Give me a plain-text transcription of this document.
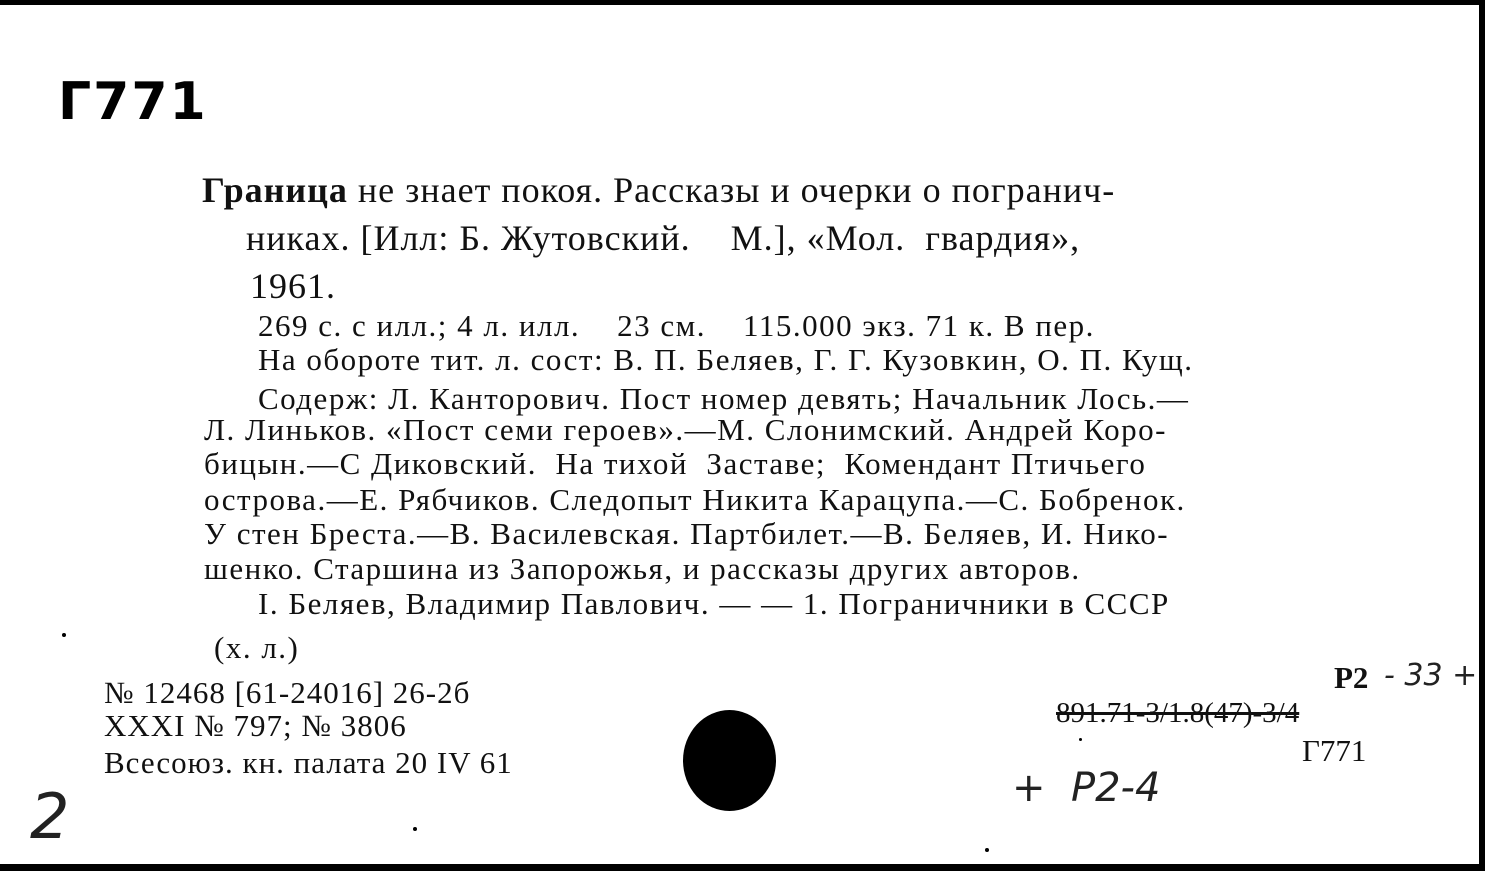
Г771
Граница не знает покоя. Рассказы и очерки о погранич-
никах. [Илл: Б. Жутовский.    М.], «Мол.  гвардия»,
1961.
269 с. с илл.; 4 л. илл.    23 см.    115.000 экз. 71 к. В пер.
На обороте тит. л. сост: В. П. Беляев, Г. Г. Кузовкин, О. П. Кущ.
Содерж: Л. Канторович. Пост номер девять; Начальник Лось.—
Л. Линьков. «Пост семи героев».—М. Слонимский. Андрей Коро-
бицын.—С Диковский.  На тихой  Заставе;  Комендант Птичьего
острова.—Е. Рябчиков. Следопыт Никита Карацупа.—С. Бобренок.
У стен Бреста.—В. Василевская. Партбилет.—В. Беляев, И. Нико-
шенко. Старшина из Запорожья, и рассказы других авторов.
I. Беляев, Владимир Павлович. — — 1. Пограничники в СССР
(х. л.)
№ 12468 [61-24016] 26-2б
XXXI № 797; № 3806
Всесоюз. кн. палата 20 IV 61
Р2 - 33 +
891.71-3/1.8(47)-3/4
Г771
+  Р2-4
2
